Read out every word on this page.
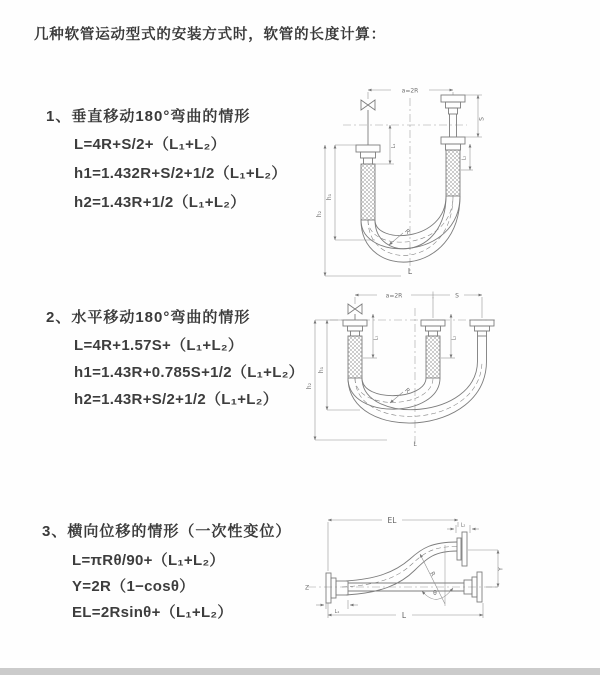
几种软管运动型式的安装方式时，软管的长度计算：
1、垂直移动180°弯曲的情形
L=4R+S/2+（L₁+L₂）
h1=1.432R+S/2+1/2（L₁+L₂）
h2=1.43R+1/2（L₁+L₂）
a=2R
R
L
S
L₂
L₁
h₁
h₂
2、水平移动180°弯曲的情形
L=4R+1.57S+（L₁+L₂）
h1=1.43R+0.785S+1/2（L₁+L₂）
h2=1.43R+S/2+1/2（L₁+L₂）
a=2R	S
R
L
L₁	L₂
h₁
h₂
3、横向位移的情形（一次性变位）
L=πRθ/90+（L₁+L₂）
Y=2R（1−cosθ）
EL=2Rsinθ+（L₁+L₂）
EL
L₂
R
θ
Y
L
L₁
Z
